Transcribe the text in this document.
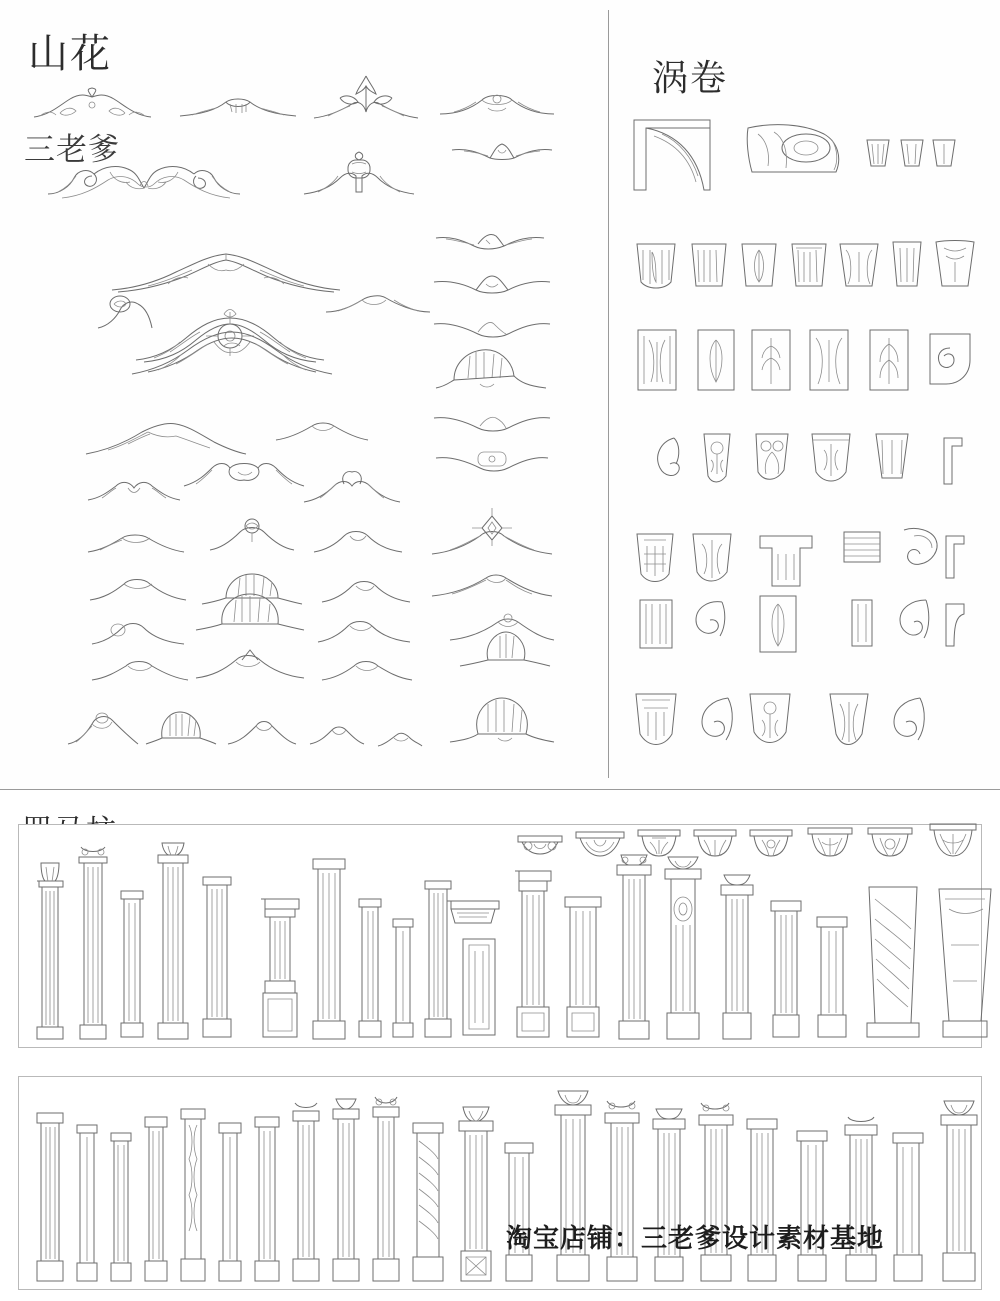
山花
涡卷
三老爹
淘宝店铺：三老爹设计素材基地
